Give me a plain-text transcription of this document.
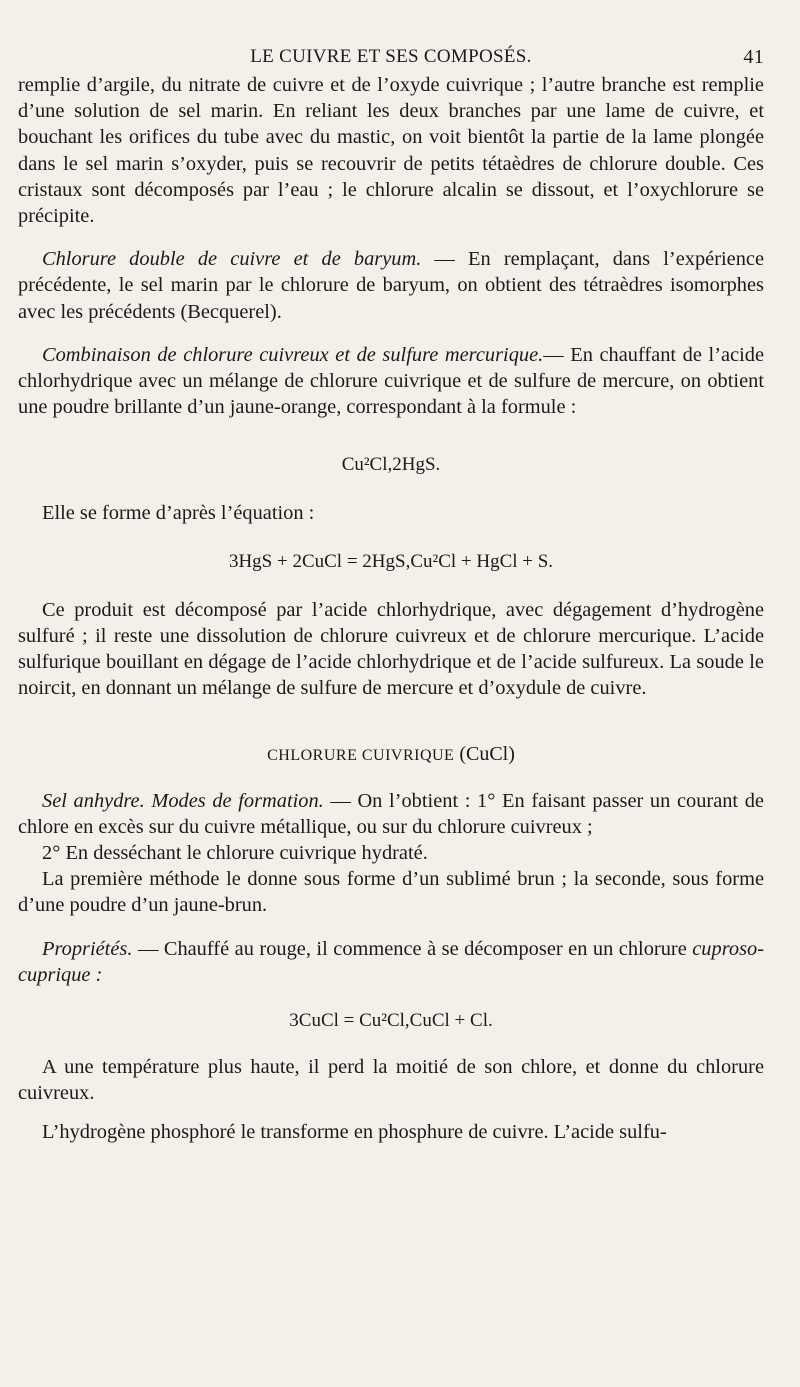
LE CUIVRE ET SES COMPOSÉS.	41

remplie d’argile, du nitrate de cuivre et de l’oxyde cuivrique ; l’autre branche est remplie d’une solution de sel marin. En reliant les deux branches par une lame de cuivre, et bouchant les orifices du tube avec du mastic, on voit bientôt la partie de la lame plongée dans le sel marin s’oxyder, puis se recouvrir de petits tétaèdres de chlorure double. Ces cristaux sont décomposés par l’eau ; le chlorure alcalin se dissout, et l’oxychlorure se précipite.

Chlorure double de cuivre et de baryum. — En remplaçant, dans l’expérience précédente, le sel marin par le chlorure de baryum, on obtient des tétraèdres isomorphes avec les précédents (Becquerel).

Combinaison de chlorure cuivreux et de sulfure mercurique.— En chauffant de l’acide chlorhydrique avec un mélange de chlorure cuivrique et de sulfure de mercure, on obtient une poudre brillante d’un jaune-orange, correspondant à la formule :

Cu²Cl,2HgS.

Elle se forme d’après l’équation :

3HgS + 2CuCl = 2HgS,Cu²Cl + HgCl + S.

Ce produit est décomposé par l’acide chlorhydrique, avec dégagement d’hydrogène sulfuré ; il reste une dissolution de chlorure cuivreux et de chlorure mercurique. L’acide sulfurique bouillant en dégage de l’acide chlorhydrique et de l’acide sulfureux. La soude le noircit, en donnant un mélange de sulfure de mercure et d’oxydule de cuivre.

CHLORURE CUIVRIQUE (CuCl)

Sel anhydre. Modes de formation. — On l’obtient : 1° En faisant passer un courant de chlore en excès sur du cuivre métallique, ou sur du chlorure cuivreux ;

2° En desséchant le chlorure cuivrique hydraté.

La première méthode le donne sous forme d’un sublimé brun ; la seconde, sous forme d’une poudre d’un jaune-brun.

Propriétés. — Chauffé au rouge, il commence à se décomposer en un chlorure cuproso-cuprique :

3CuCl = Cu²Cl,CuCl + Cl.

A une température plus haute, il perd la moitié de son chlore, et donne du chlorure cuivreux.

L’hydrogène phosphoré le transforme en phosphure de cuivre. L’acide sulfu-
